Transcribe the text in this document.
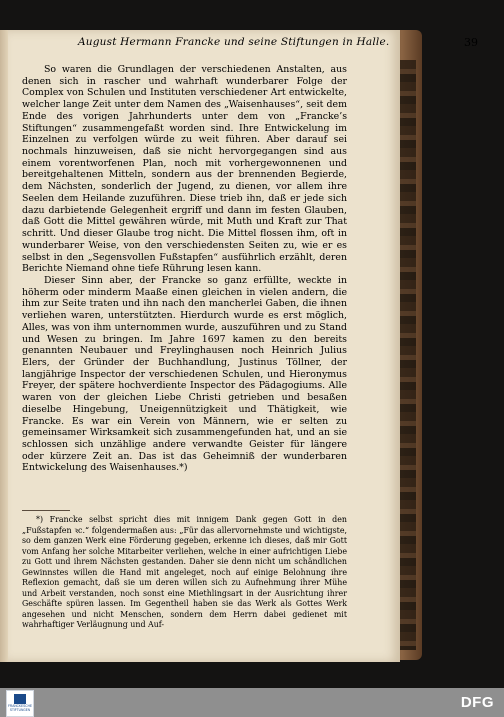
August Hermann Francke und seine Stiftungen in Halle.	39

So waren die Grundlagen der verschiedenen Anstalten, aus denen sich in rascher und wahrhaft wunderbarer Folge der Complex von Schulen und Instituten verschiedener Art entwickelte, welcher lange Zeit unter dem Namen des „Waisenhauses“, seit dem Ende des vorigen Jahrhunderts unter dem von „Francke’s Stiftungen“ zusammengefaßt worden sind. Ihre Entwickelung im Einzelnen zu verfolgen würde zu weit führen. Aber darauf sei nochmals hinzuweisen, daß sie nicht hervorgegangen sind aus einem vorentworfenen Plan, noch mit vorhergewonnenen und bereitgehaltenen Mitteln, sondern aus der brennenden Begierde, dem Nächsten, sonderlich der Jugend, zu dienen, vor allem ihre Seelen dem Heilande zuzuführen. Diese trieb ihn, daß er jede sich dazu darbietende Gelegenheit ergriff und dann im festen Glauben, daß Gott die Mittel gewähren würde, mit Muth und Kraft zur That schritt. Und dieser Glaube trog nicht. Die Mittel flossen ihm, oft in wunderbarer Weise, von den verschiedensten Seiten zu, wie er es selbst in den „Segensvollen Fußstapfen“ ausführlich erzählt, deren Berichte Niemand ohne tiefe Rührung lesen kann.

Dieser Sinn aber, der Francke so ganz erfüllte, weckte in höherm oder minderm Maaße einen gleichen in vielen andern, die ihm zur Seite traten und ihn nach den mancherlei Gaben, die ihnen verliehen waren, unterstützten. Hierdurch wurde es erst möglich, Alles, was von ihm unternommen wurde, auszuführen und zu Stand und Wesen zu bringen. Im Jahre 1697 kamen zu den bereits genannten Neubauer und Freylinghausen noch Heinrich Julius Elers, der Gründer der Buchhandlung, Justinus Töllner, der langjährige Inspector der verschiedenen Schulen, und Hieronymus Freyer, der spätere hochverdiente Inspector des Pädagogiums. Alle waren von der gleichen Liebe Christi getrieben und besaßen dieselbe Hingebung, Uneigennützigkeit und Thätigkeit, wie Francke. Es war ein Verein von Männern, wie er selten zu gemeinsamer Wirksamkeit sich zusammengefunden hat, und an sie schlossen sich unzählige andere verwandte Geister für längere oder kürzere Zeit an. Das ist das Geheimniß der wunderbaren Entwickelung des Waisenhauses.*)

*) Francke selbst spricht dies mit innigem Dank gegen Gott in den „Fußstapfen ꝛc.“ folgendermaßen aus: „Für das allervornehmste und wichtigste, so dem ganzen Werk eine Förderung gegeben, erkenne ich dieses, daß mir Gott vom Anfang her solche Mitarbeiter verliehen, welche in einer aufrichtigen Liebe zu Gott und ihrem Nächsten gestanden. Daher sie denn nicht um schändlichen Gewinnstes willen die Hand mit angeleget, noch auf einige Belohnung ihre Reflexion gemacht, daß sie um deren willen sich zu Aufnehmung ihrer Mühe und Arbeit verstanden, noch sonst eine Miethlingsart in der Ausrichtung ihrer Geschäfte spüren lassen. Im Gegentheil haben sie das Werk als Gottes Werk angesehen und nicht Menschen, sondern dem Herrn dabei gedienet mit wahrhaftiger Verläugnung und Auf-

FRANCKESCHE STIFTUNGEN	DFG
